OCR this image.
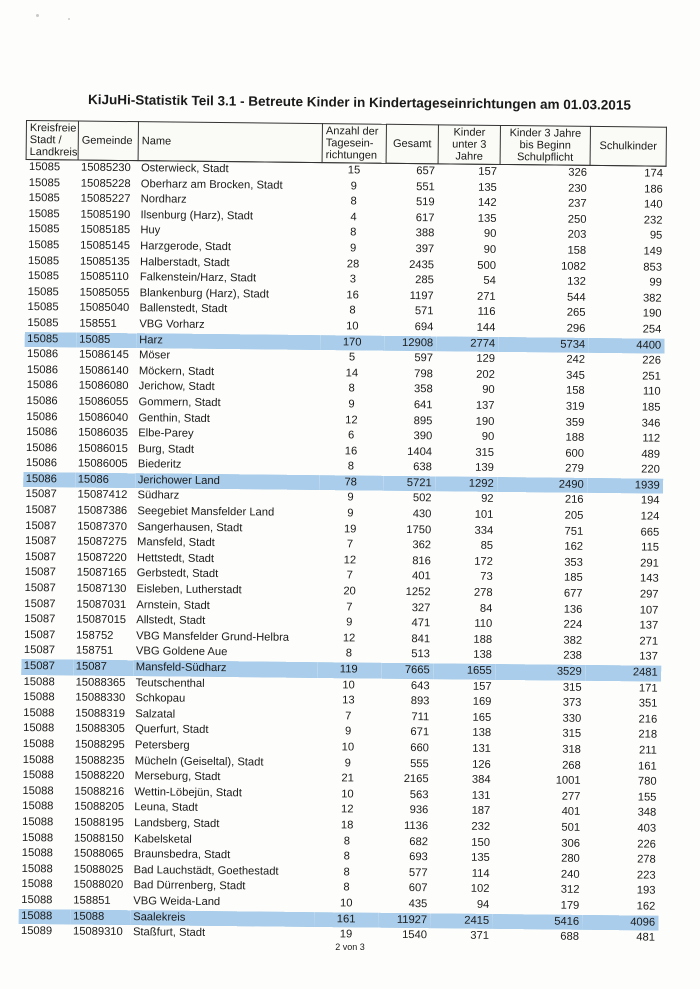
KiJuHi-Statistik Teil 3.1 - Betreute Kinder in Kindertageseinrichtungen am 01.03.2015
Kreisfreie Stadt / Landkreis	Gemeinde	Name	Anzahl der Tagesein-richtungen	Gesamt	Kinder unter 3 Jahre	Kinder 3 Jahre bis Beginn Schulpflicht	Schulkinder
15085	15085230	Osterwieck, Stadt	15	657	157	326	174
15085	15085228	Oberharz am Brocken, Stadt	9	551	135	230	186
15085	15085227	Nordharz	8	519	142	237	140
15085	15085190	Ilsenburg (Harz), Stadt	4	617	135	250	232
15085	15085185	Huy	8	388	90	203	95
15085	15085145	Harzgerode, Stadt	9	397	90	158	149
15085	15085135	Halberstadt, Stadt	28	2435	500	1082	853
15085	15085110	Falkenstein/Harz, Stadt	3	285	54	132	99
15085	15085055	Blankenburg (Harz), Stadt	16	1197	271	544	382
15085	15085040	Ballenstedt, Stadt	8	571	116	265	190
15085	158551	VBG Vorharz	10	694	144	296	254
15085	15085	Harz	170	12908	2774	5734	4400
15086	15086145	Möser	5	597	129	242	226
15086	15086140	Möckern, Stadt	14	798	202	345	251
15086	15086080	Jerichow, Stadt	8	358	90	158	110
15086	15086055	Gommern, Stadt	9	641	137	319	185
15086	15086040	Genthin, Stadt	12	895	190	359	346
15086	15086035	Elbe-Parey	6	390	90	188	112
15086	15086015	Burg, Stadt	16	1404	315	600	489
15086	15086005	Biederitz	8	638	139	279	220
15086	15086	Jerichower Land	78	5721	1292	2490	1939
15087	15087412	Südharz	9	502	92	216	194
15087	15087386	Seegebiet Mansfelder Land	9	430	101	205	124
15087	15087370	Sangerhausen, Stadt	19	1750	334	751	665
15087	15087275	Mansfeld, Stadt	7	362	85	162	115
15087	15087220	Hettstedt, Stadt	12	816	172	353	291
15087	15087165	Gerbstedt, Stadt	7	401	73	185	143
15087	15087130	Eisleben, Lutherstadt	20	1252	278	677	297
15087	15087031	Arnstein, Stadt	7	327	84	136	107
15087	15087015	Allstedt, Stadt	9	471	110	224	137
15087	158752	VBG Mansfelder Grund-Helbra	12	841	188	382	271
15087	158751	VBG Goldene Aue	8	513	138	238	137
15087	15087	Mansfeld-Südharz	119	7665	1655	3529	2481
15088	15088365	Teutschenthal	10	643	157	315	171
15088	15088330	Schkopau	13	893	169	373	351
15088	15088319	Salzatal	7	711	165	330	216
15088	15088305	Querfurt, Stadt	9	671	138	315	218
15088	15088295	Petersberg	10	660	131	318	211
15088	15088235	Mücheln (Geiseltal), Stadt	9	555	126	268	161
15088	15088220	Merseburg, Stadt	21	2165	384	1001	780
15088	15088216	Wettin-Löbejün, Stadt	10	563	131	277	155
15088	15088205	Leuna, Stadt	12	936	187	401	348
15088	15088195	Landsberg, Stadt	18	1136	232	501	403
15088	15088150	Kabelsketal	8	682	150	306	226
15088	15088065	Braunsbedra, Stadt	8	693	135	280	278
15088	15088025	Bad Lauchstädt, Goethestadt	8	577	114	240	223
15088	15088020	Bad Dürrenberg, Stadt	8	607	102	312	193
15088	158851	VBG Weida-Land	10	435	94	179	162
15088	15088	Saalekreis	161	11927	2415	5416	4096
15089	15089310	Staßfurt, Stadt	19	1540	371	688	481
2 von 3
